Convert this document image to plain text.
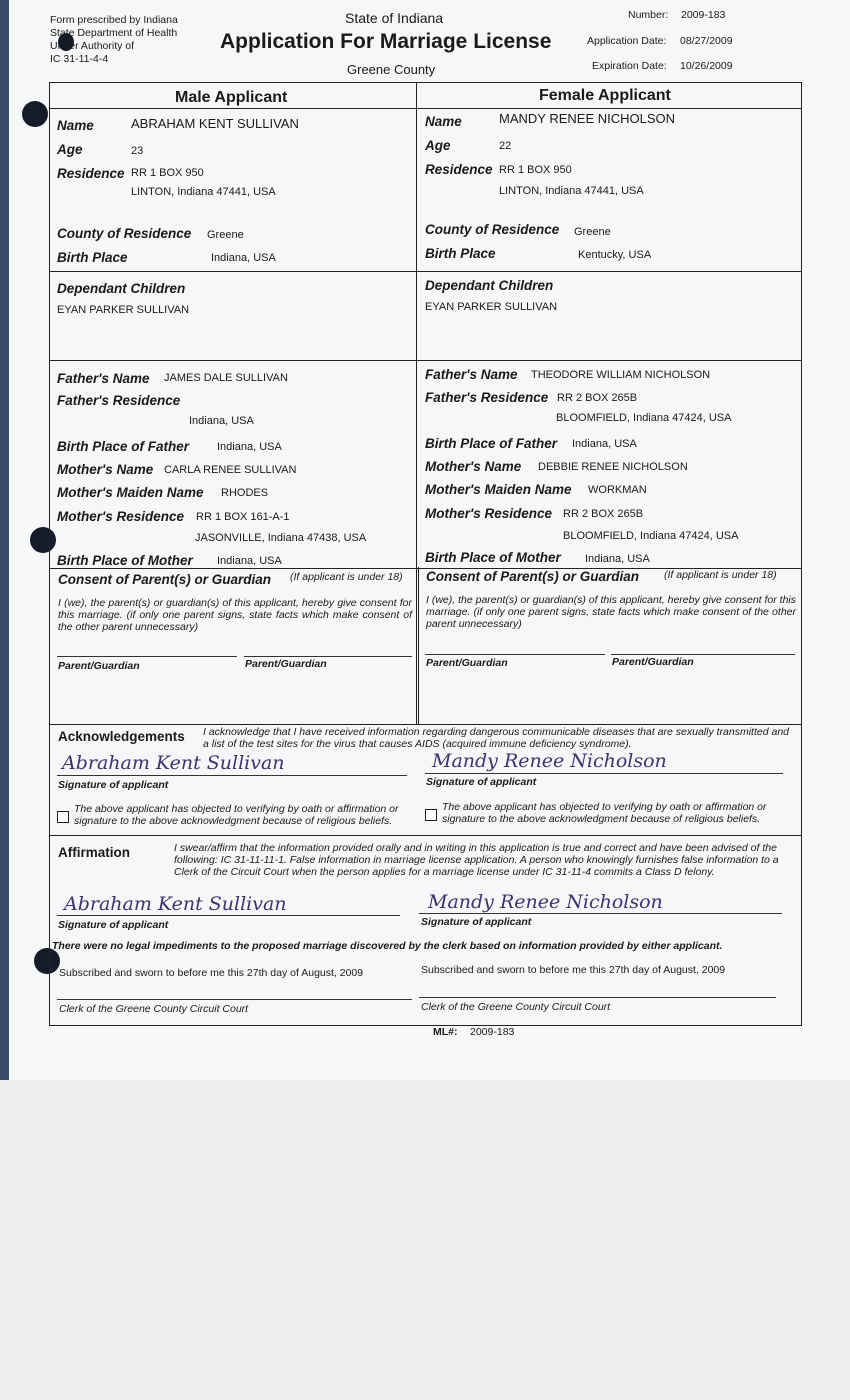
Form prescribed by Indiana
State Department of Health
Under Authority of
IC 31-11-4-4
State of Indiana
Application For Marriage License
Greene County
Number: 2009-183
Application Date: 08/27/2009
Expiration Date: 10/26/2009
Male Applicant	Female Applicant
Name	ABRAHAM KENT SULLIVAN
Age	23
Residence RR 1 BOX 950
LINTON, Indiana 47441, USA
County of Residence Greene
Birth Place	Indiana, USA
Dependant Children
EYAN PARKER SULLIVAN
Father's Name JAMES DALE SULLIVAN
Father's Residence
Indiana, USA
Birth Place of Father	Indiana, USA
Mother's Name CARLA RENEE SULLIVAN
Mother's Maiden Name RHODES
Mother's Residence RR 1 BOX 161-A-1
JASONVILLE, Indiana 47438, USA
Birth Place of Mother Indiana, USA
Name	MANDY RENEE NICHOLSON
Age	22
Residence RR 1 BOX 950
LINTON, Indiana 47441, USA
County of Residence Greene
Birth Place	Kentucky, USA
Dependant Children
EYAN PARKER SULLIVAN
Father's Name THEODORE WILLIAM NICHOLSON
Father's Residence RR 2 BOX 265B
BLOOMFIELD, Indiana 47424, USA
Birth Place of Father Indiana, USA
Mother's Name DEBBIE RENEE NICHOLSON
Mother's Maiden Name WORKMAN
Mother's Residence RR 2 BOX 265B
BLOOMFIELD, Indiana 47424, USA
Birth Place of Mother Indiana, USA
Consent of Parent(s) or Guardian (If applicant is under 18)
I (we), the parent(s) or guardian(s) of this applicant, hereby give consent for this marriage. (if only one parent signs, state facts which make consent of the other parent unnecessary)
Parent/Guardian	Parent/Guardian
Consent of Parent(s) or Guardian (If applicant is under 18)
I (we), the parent(s) or guardian(s) of this applicant, hereby give consent for this marriage. (if only one parent signs, state facts which make consent of the other parent unnecessary)
Parent/Guardian	Parent/Guardian
Acknowledgements I acknowledge that I have received information regarding dangerous communicable diseases that are sexually transmitted and a list of the test sites for the virus that causes AIDS (acquired immune deficiency syndrome).
Abraham Kent Sullivan
Signature of applicant
Mandy Renee Nicholson
Signature of applicant
The above applicant has objected to verifying by oath or affirmation or signature to the above acknowledgment because of religious beliefs.
The above applicant has objected to verifying by oath or affirmation or signature to the above acknowledgment because of religious beliefs.
Affirmation	I swear/affirm that the information provided orally and in writing in this application is true and correct and have been advised of the following: IC 31-11-11-1. False information in marriage license application. A person who knowingly furnishes false information to a Clerk of the Circuit Court when the person applies for a marriage license under IC 31-11-4 commits a Class D felony.
Abraham Kent Sullivan
Signature of applicant
Mandy Renee Nicholson
Signature of applicant
There were no legal impediments to the proposed marriage discovered by the clerk based on information provided by either applicant.
Subscribed and sworn to before me this 27th day of August, 2009	Subscribed and sworn to before me this 27th day of August, 2009
Clerk of the Greene County Circuit Court	Clerk of the Greene County Circuit Court
ML#: 2009-183
